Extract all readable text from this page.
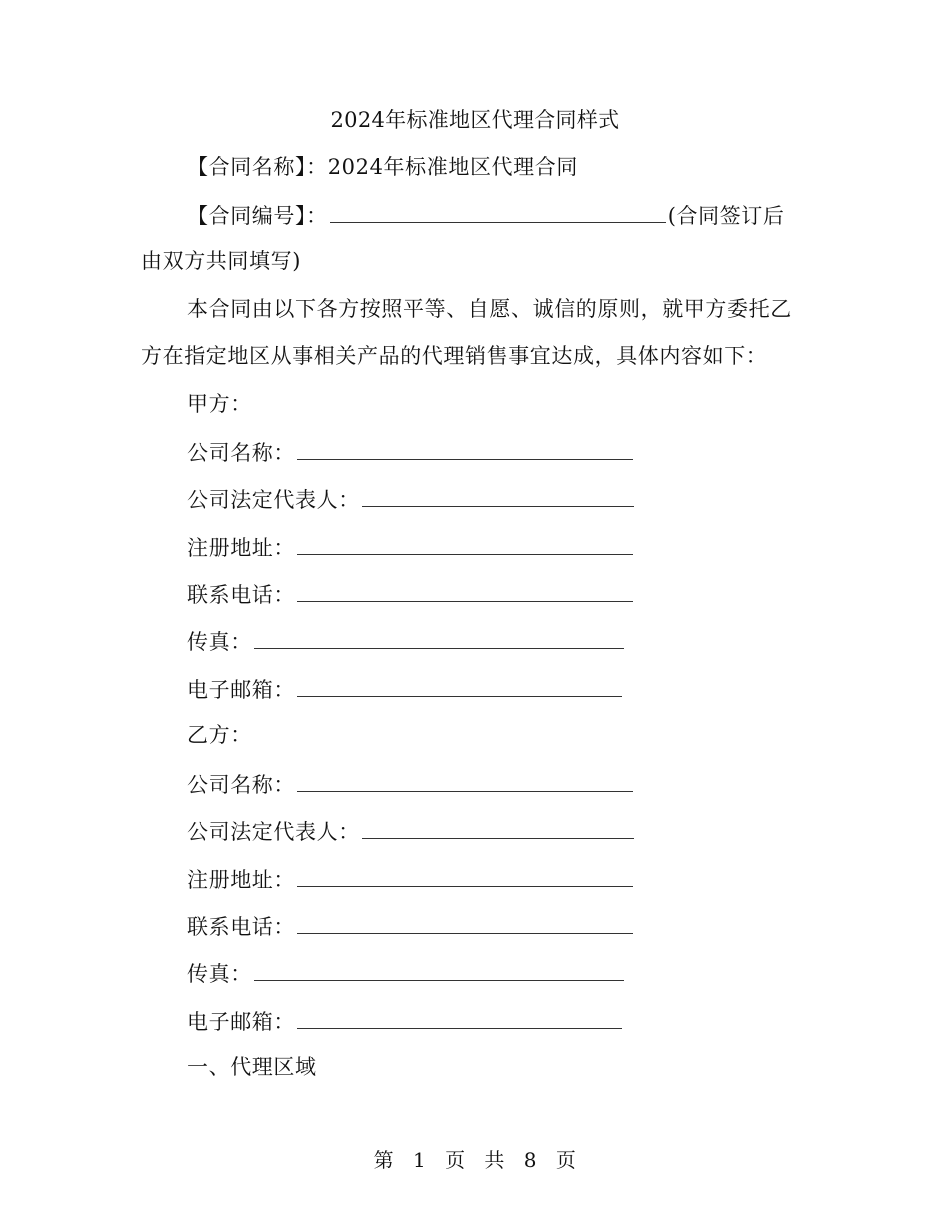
2024年标准地区代理合同样式
【合同名称】：2024年标准地区代理合同
【合同编号】：	(合同签订后
由双方共同填写)
本合同由以下各方按照平等、自愿、诚信的原则，就甲方委托乙
方在指定地区从事相关产品的代理销售事宜达成，具体内容如下：
甲方：
公司名称：
公司法定代表人：
注册地址：
联系电话：
传真：
电子邮箱：
乙方：
公司名称：
公司法定代表人：
注册地址：
联系电话：
传真：
电子邮箱：
一、代理区域
第 1 页 共 8 页
